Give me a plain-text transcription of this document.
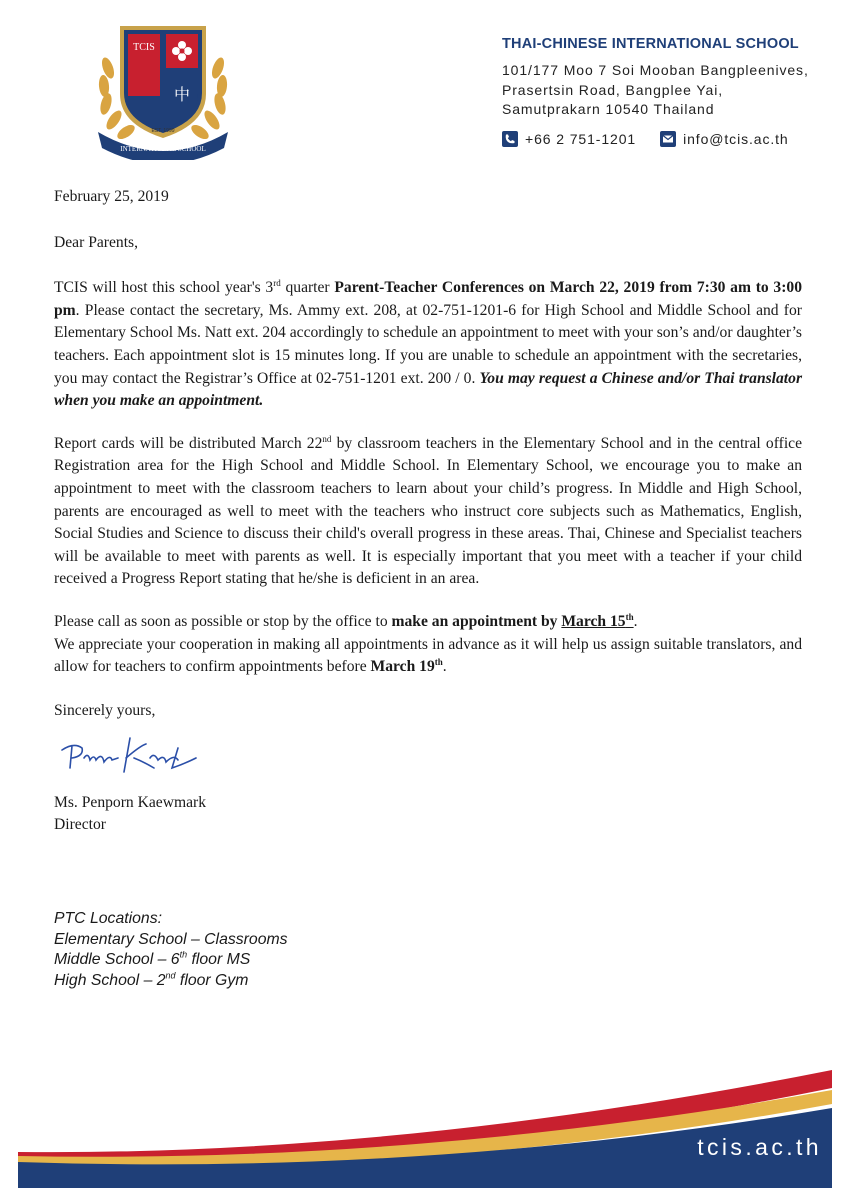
TCIS
中
EST. 1999
INTERNATIONAL SCHOOL
THAI-CHINESE INTERNATIONAL SCHOOL
101/177 Moo 7 Soi Mooban Bangpleenives,
Prasertsin Road, Bangplee Yai,
Samutprakarn 10540 Thailand
+66 2 751-1201	info@tcis.ac.th

February 25, 2019

Dear Parents,

TCIS will host this school year's 3rd quarter Parent-Teacher Conferences on March 22, 2019 from 7:30 am to 3:00 pm. Please contact the secretary, Ms. Ammy ext. 208, at 02-751-1201-6 for High School and Middle School and for Elementary School Ms. Natt ext. 204 accordingly to schedule an appointment to meet with your son’s and/or daughter’s teachers. Each appointment slot is 15 minutes long. If you are unable to schedule an appointment with the secretaries, you may contact the Registrar’s Office at 02-751-1201 ext. 200 / 0. You may request a Chinese and/or Thai translator when you make an appointment.

Report cards will be distributed March 22nd by classroom teachers in the Elementary School and in the central office Registration area for the High School and Middle School. In Elementary School, we encourage you to make an appointment to meet with the classroom teachers to learn about your child’s progress. In Middle and High School, parents are encouraged as well to meet with the teachers who instruct core subjects such as Mathematics, English, Social Studies and Science to discuss their child's overall progress in these areas. Thai, Chinese and Specialist teachers will be available to meet with parents as well. It is especially important that you meet with a teacher if your child received a Progress Report stating that he/she is deficient in an area.

Please call as soon as possible or stop by the office to make an appointment by March 15th.

We appreciate your cooperation in making all appointments in advance as it will help us assign suitable translators, and allow for teachers to confirm appointments before March 19th.

Sincerely yours,

Ms. Penporn Kaewmark

Director

PTC Locations:
Elementary School – Classrooms
Middle School – 6th floor MS
High School – 2nd floor Gym
tcis.ac.th
